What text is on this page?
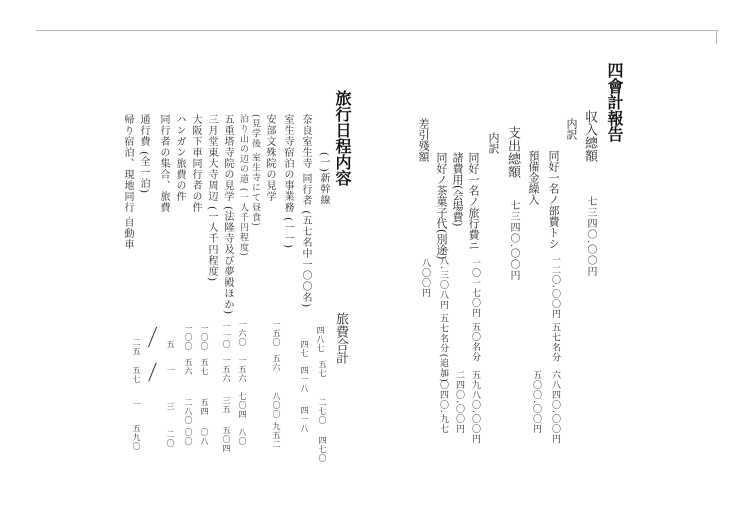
四會計報告
収入總額
七三四〇.〇〇円
内訳
同好一名ノ部費トシ
一二〇.〇〇円 五七名分
六八四〇.〇〇円
預備金繰入
五〇〇.〇〇円
支出總額
七三四〇.〇〇円
内訳
同好一名ノ旅行費ニ
一〇一七〇円 五〇名分
五九八〇.〇〇円
諸費用(会場費)
二四〇.〇〇円
同好ノ茶菓子代(別途)
一八.三〇八円 五七名分(追加)
一〇四〇.九七
差引殘額
八〇〇円
旅行日程内容
(一)新幹線
奈良室生寺 同行者 (五七名中一〇〇名)
室生寺宿泊の事業務 (一一)
安部文殊院の見学
(見学後 室生寺にて昼食)
泊り山の辺の道 (一人千円程度)
五重塔寺院の見学 (法隆寺及び夢殿ほか)
三月堂東大寺周辺 (一人千円程度)
大阪下車同行者の件
ハンガン旅費の件
同行者の集合、旅費
通行費 (全一泊)
帰り宿泊、現地同行 自動車
旅費合計
四八七
五七
二七〇
四七〇
四七
四一八
四一八
一五〇
五六
八〇〇
九五二
一六〇
一五六
七〇四
八〇
一一〇
一五六
三五
五〇四
一〇〇
五七
五四
〇八
一〇〇
五六
二八〇
〇〇
五
一
三
二〇
二五
五七
一
五九〇
